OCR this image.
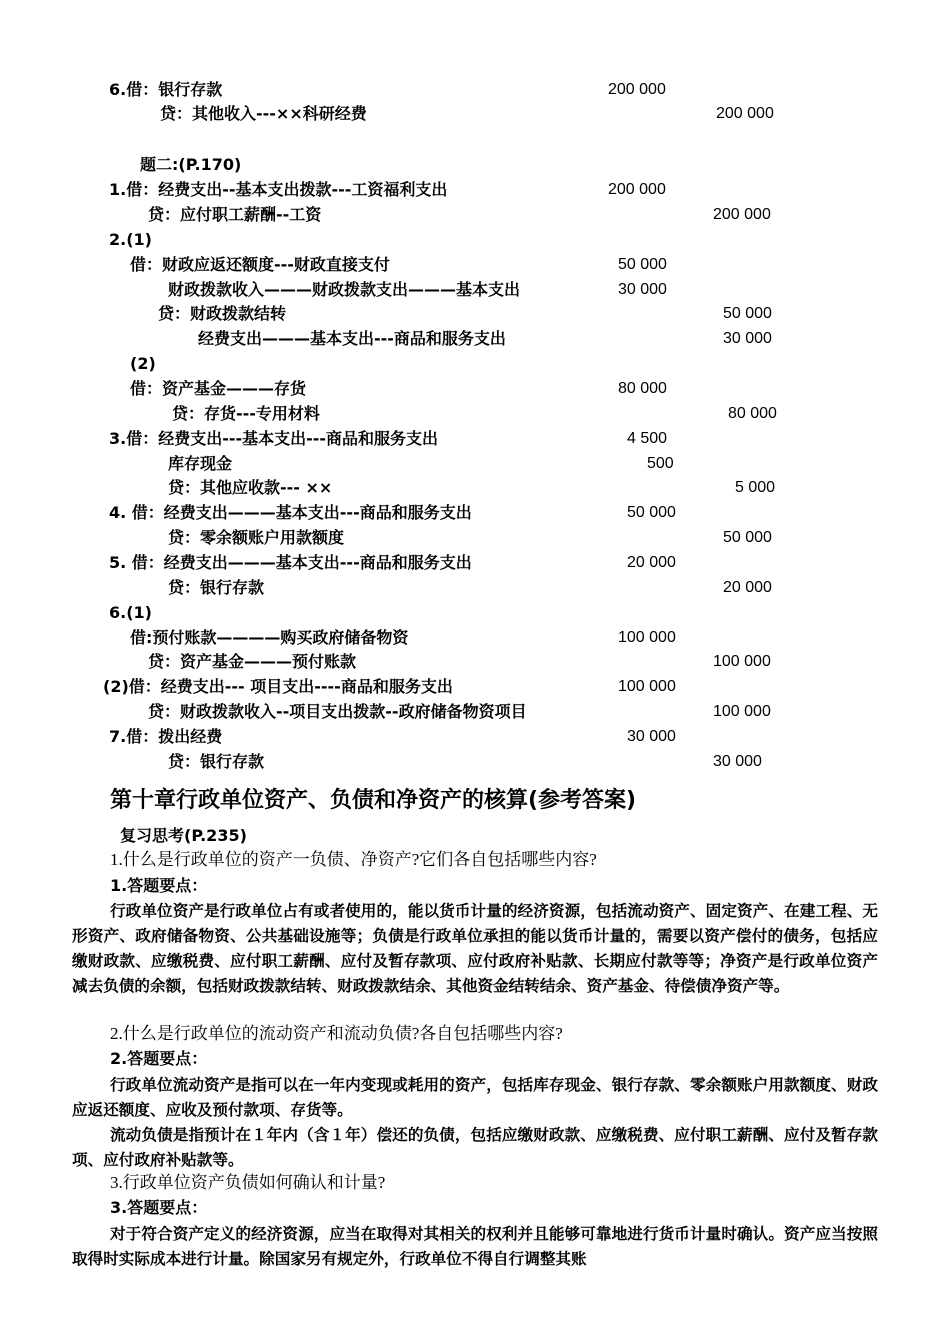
6.借：银行存款
贷：其他收入---××科研经费
200 000
200 000
1.借：经费支出--基本支出拨款---工资福利支出
贷：应付职工薪酬--工资
2.(1)
借：财政应返还额度---财政直接支付
财政拨款收入———财政拨款支出———基本支出
贷：财政拨款结转
经费支出———基本支出---商品和服务支出
(2)
借：资产基金———存货
贷：存货---专用材料
3.借：经费支出---基本支出---商品和服务支出
库存现金
贷：其他应收款--- ××
4. 借：经费支出———基本支出---商品和服务支出
贷：零余额账户用款额度
5. 借：经费支出———基本支出---商品和服务支出
贷：银行存款
6.(1)
借:预付账款————购买政府储备物资
贷：资产基金———预付账款
(2)借：经费支出--- 项目支出----商品和服务支出
贷：财政拨款收入--项目支出拨款--政府储备物资项目
7.借：拨出经费
贷：银行存款
200 000
200 000
50 000
30 000
50 000
30 000
80 000
80 000
4 500
500
5 000
50 000
50 000
20 000
20 000
100 000
100 000
100 000
100 000
30 000
30 000
题二:(P.170)
第十章行政单位资产、负债和净资产的核算(参考答案)
复习思考(P.235)
1.什么是行政单位的资产一负债、净资产?它们各自包括哪些内容?
1.答题要点：
行政单位资产是行政单位占有或者使用的，能以货币计量的经济资源，包括流动资产、固定资产、在建工程、无形资产、政府储备物资、公共基础设施等；负债是行政单位承担的能以货币计量的，需要以资产偿付的债务，包括应缴财政款、应缴税费、应付职工薪酬、应付及暂存款项、应付政府补贴款、长期应付款等等；净资产是行政单位资产减去负债的余额，包括财政拨款结转、财政拨款结余、其他资金结转结余、资产基金、待偿债净资产等。
2.什么是行政单位的流动资产和流动负债?各自包括哪些内容?
2.答题要点：
行政单位流动资产是指可以在一年内变现或耗用的资产，包括库存现金、银行存款、零余额账户用款额度、财政应返还额度、应收及预付款项、存货等。
流动负债是指预计在１年内（含１年）偿还的负债，包括应缴财政款、应缴税费、应付职工薪酬、应付及暂存款项、应付政府补贴款等。
3.行政单位资产负债如何确认和计量?
3.答题要点：
对于符合资产定义的经济资源，应当在取得对其相关的权利并且能够可靠地进行货币计量时确认。资产应当按照取得时实际成本进行计量。除国家另有规定外，行政单位不得自行调整其账
